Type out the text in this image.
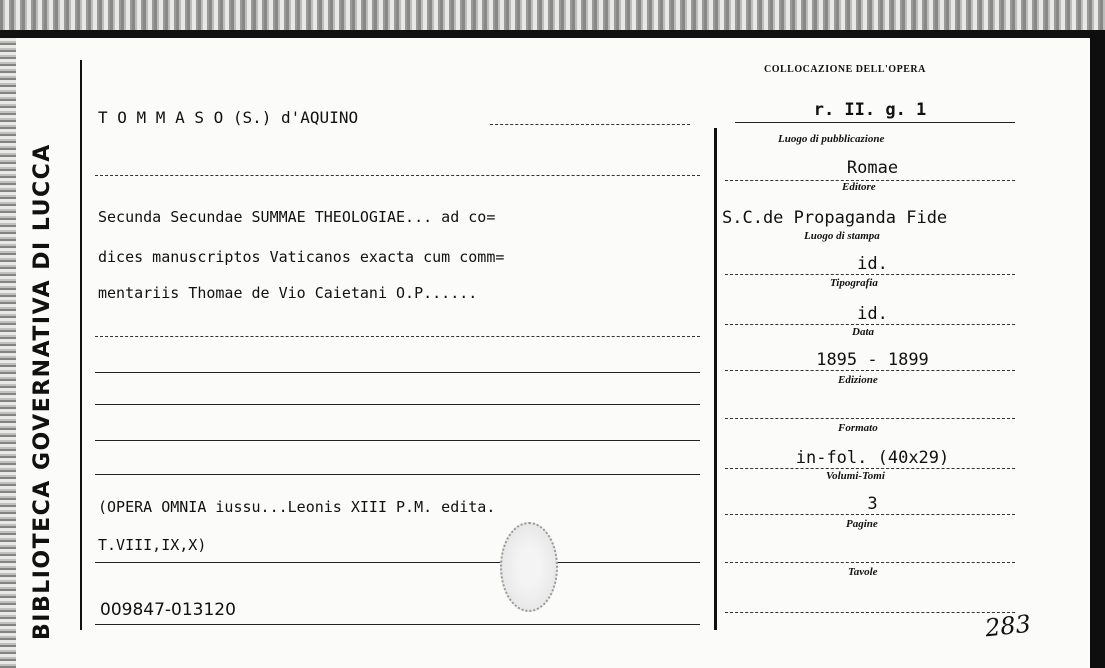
BIBLIOTECA GOVERNATIVA DI LUCCA
COLLOCAZIONE DELL'OPERA
r. II. g. 1
T O M M A S O (S.) d'AQUINO
Secunda Secundae SUMMAE THEOLOGIAE... ad co=
dices manuscriptos Vaticanos exacta cum comm=
mentariis Thomae de Vio Caietani O.P......
(OPERA OMNIA iussu...Leonis XIII P.M. edita.
T.VIII,IX,X)
009847-013120
Luogo di pubblicazione
Romae
Editore
S.C.de Propaganda Fide
Luogo di stampa
id.
Tipografia
id.
Data
1895 - 1899
Edizione
Formato
in-fol. (40x29)
Volumi-Tomi
3
Pagine
Tavole
283
